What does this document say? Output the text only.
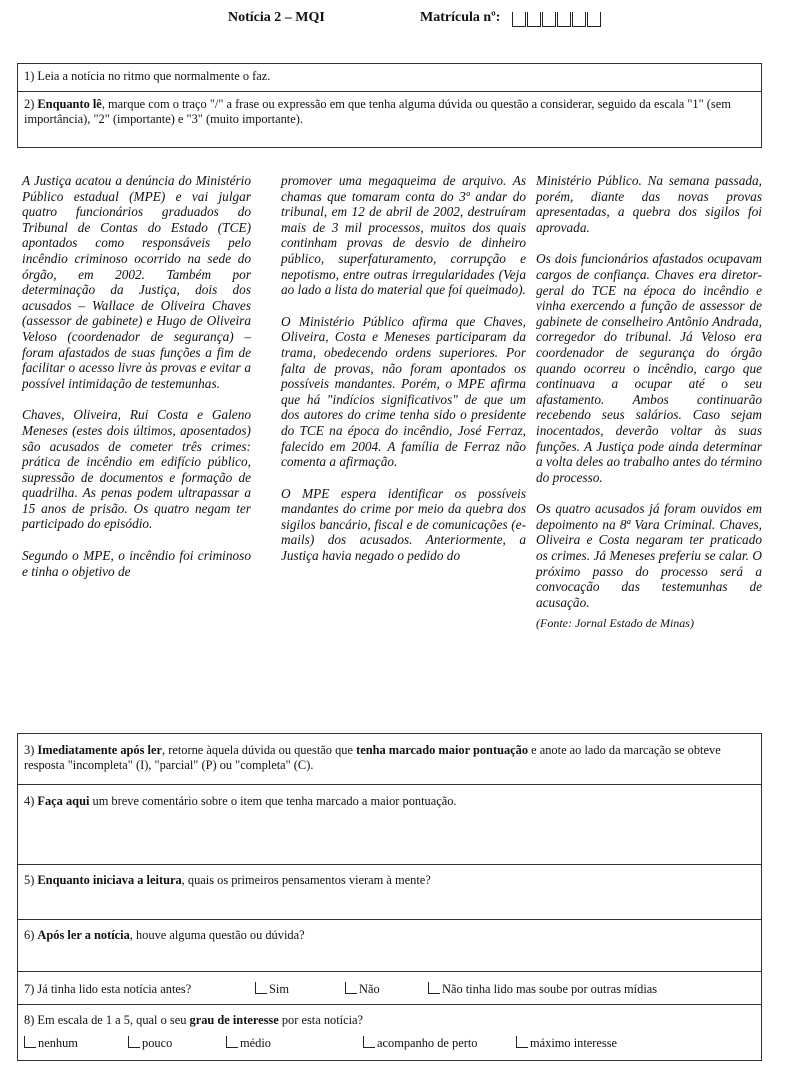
Notícia 2 – MQI	Matrícula nº:
1) Leia a notícia no ritmo que normalmente o faz.
2) Enquanto lê, marque com o traço "/" a frase ou expressão em que tenha alguma dúvida ou questão a considerar, seguido da escala "1" (sem importância), "2" (importante) e "3" (muito importante).

A Justiça acatou a denúncia do Ministério Público estadual (MPE) e vai julgar quatro funcionários graduados do Tribunal de Contas do Estado (TCE) apontados como responsáveis pelo incêndio criminoso ocorrido na sede do órgão, em 2002. Também por determinação da Justiça, dois dos acusados – Wallace de Oliveira Chaves (assessor de gabinete) e Hugo de Oliveira Veloso (coordenador de segurança) – foram afastados de suas funções a fim de facilitar o acesso livre às provas e evitar a possível intimidação de testemunhas.

Chaves, Oliveira, Rui Costa e Galeno Meneses (estes dois últimos, aposentados) são acusados de cometer três crimes: prática de incêndio em edifício público, supressão de documentos e formação de quadrilha. As penas podem ultrapassar a 15 anos de prisão. Os quatro negam ter participado do episódio.

Segundo o MPE, o incêndio foi criminoso e tinha o objetivo de

promover uma megaqueima de arquivo. As chamas que tomaram conta do 3º andar do tribunal, em 12 de abril de 2002, destruíram mais de 3 mil processos, muitos dos quais continham provas de desvio de dinheiro público, superfaturamento, corrupção e nepotismo, entre outras irregularidades (Veja ao lado a lista do material que foi queimado).

O Ministério Público afirma que Chaves, Oliveira, Costa e Meneses participaram da trama, obedecendo ordens superiores. Por falta de provas, não foram apontados os possíveis mandantes. Porém, o MPE afirma que há "indícios significativos" de que um dos autores do crime tenha sido o presidente do TCE na época do incêndio, José Ferraz, falecido em 2004. A família de Ferraz não comenta a afirmação.

O MPE espera identificar os possíveis mandantes do crime por meio da quebra dos sigilos bancário, fiscal e de comunicações (e-mails) dos acusados. Anteriormente, a Justiça havia negado o pedido do

Ministério Público. Na semana passada, porém, diante das novas provas apresentadas, a quebra dos sigilos foi aprovada.

Os dois funcionários afastados ocupavam cargos de confiança. Chaves era diretor-geral do TCE na época do incêndio e vinha exercendo a função de assessor de gabinete de conselheiro Antônio Andrada, corregedor do tribunal. Já Veloso era coordenador de segurança do órgão quando ocorreu o incêndio, cargo que continuava a ocupar até o seu afastamento. Ambos continuarão recebendo seus salários. Caso sejam inocentados, deverão voltar às suas funções. A Justiça pode ainda determinar a volta deles ao trabalho antes do término do processo.

Os quatro acusados já foram ouvidos em depoimento na 8ª Vara Criminal. Chaves, Oliveira e Costa negaram ter praticado os crimes. Já Meneses preferiu se calar. O próximo passo do processo será a convocação das testemunhas de acusação.

(Fonte: Jornal Estado de Minas)

3) Imediatamente após ler, retorne àquela dúvida ou questão que tenha marcado maior pontuação e anote ao lado da marcação se obteve resposta "incompleta" (I), "parcial" (P) ou "completa" (C).
4) Faça aqui um breve comentário sobre o item que tenha marcado a maior pontuação.
5) Enquanto iniciava a leitura, quais os primeiros pensamentos vieram à mente?
6) Após ler a notícia, houve alguma questão ou dúvida?
7) Já tinha lido esta notícia antes?	Sim	Não	Não tinha lido mas soube por outras mídias
8) Em escala de 1 a 5, qual o seu grau de interesse por esta notícia?
nenhum	pouco	médio	acompanho de perto	máximo interesse
